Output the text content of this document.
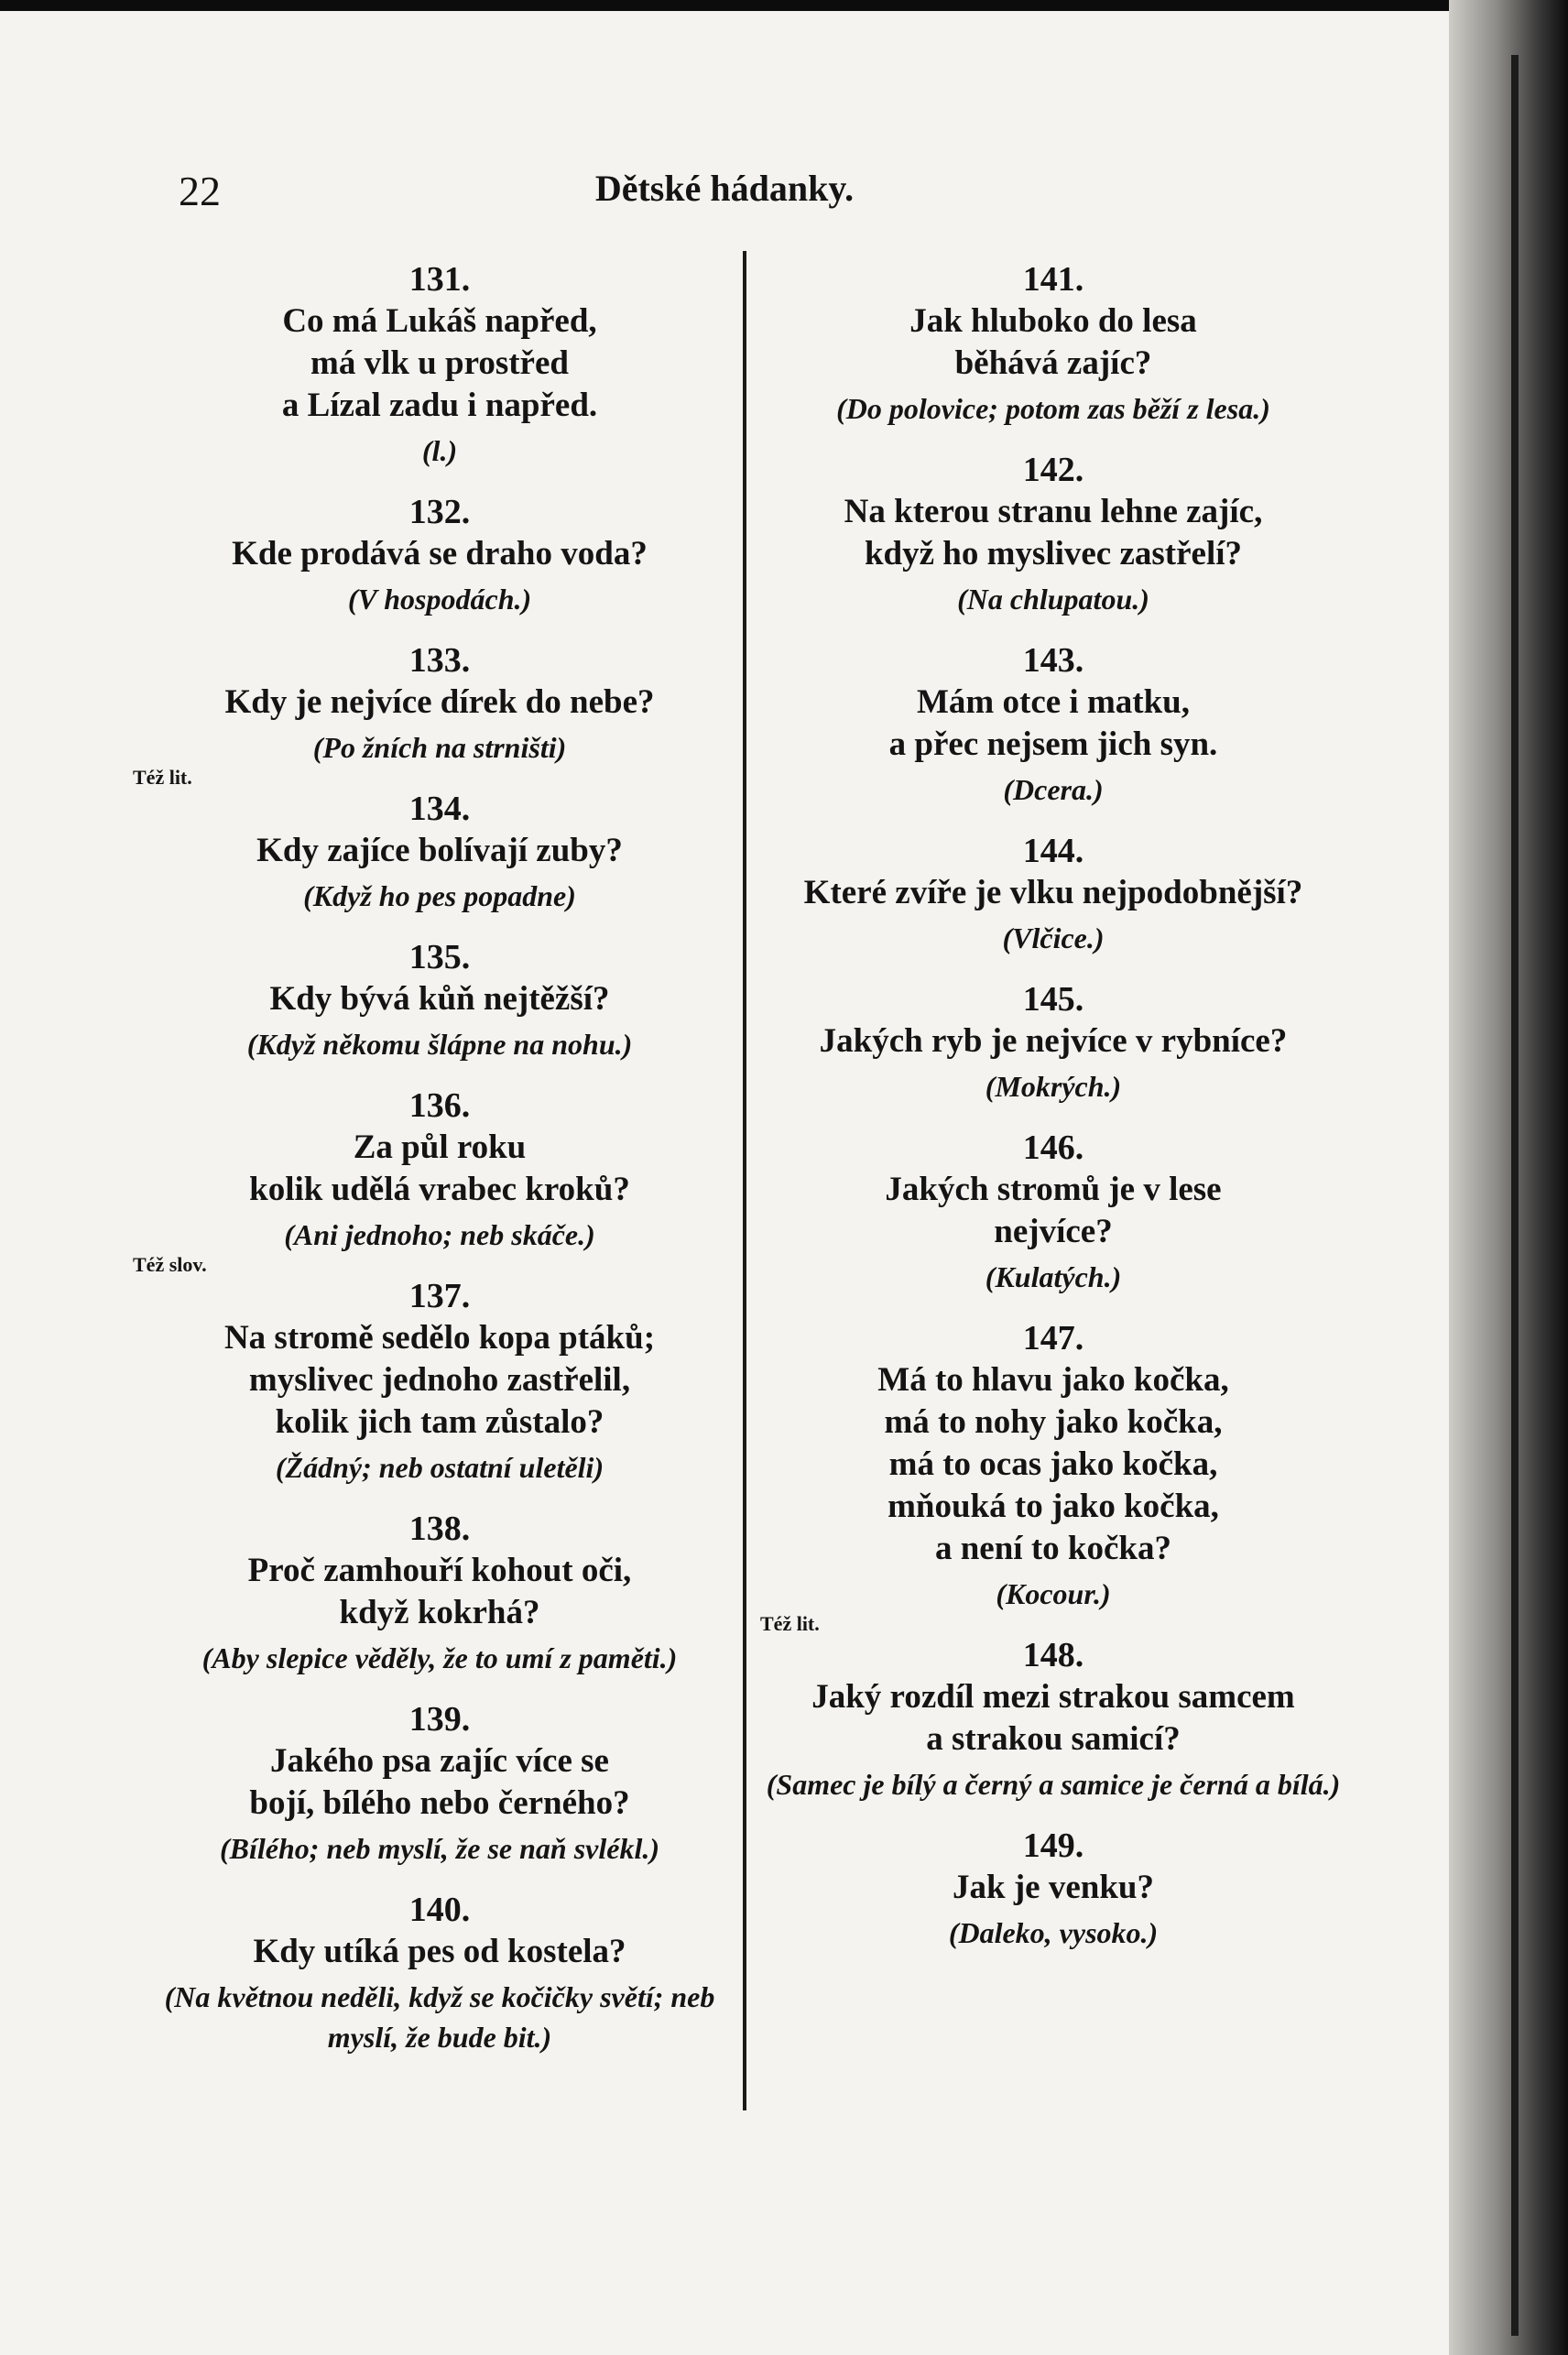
22	Dětské hádanky.
131.
Co má Lukáš napřed,
má vlk u prostřed
a Lízal zadu i napřed.
(l.)
132.
Kde prodává se draho voda?
(V hospodách.)
133.
Kdy je nejvíce dírek do nebe?
(Po žních na strništi)
Též lit.
134.
Kdy zajíce bolívají zuby?
(Když ho pes popadne)
135.
Kdy bývá kůň nejtěžší?
(Když někomu šlápne na nohu.)
136.
Za půl roku
kolik udělá vrabec kroků?
(Ani jednoho; neb skáče.)
Též slov.
137.
Na stromě sedělo kopa ptáků;
myslivec jednoho zastřelil,
kolik jich tam zůstalo?
(Žádný; neb ostatní uletěli)
138.
Proč zamhouří kohout oči,
když kokrhá?
(Aby slepice věděly, že to umí z paměti.)
139.
Jakého psa zajíc více se
bojí, bílého nebo černého?
(Bílého; neb myslí, že se naň svlékl.)
140.
Kdy utíká pes od kostela?
(Na květnou neděli, když se kočičky světí; neb myslí, že bude bit.)
141.
Jak hluboko do lesa
běhává zajíc?
(Do polovice; potom zas běží z lesa.)
142.
Na kterou stranu lehne zajíc,
když ho myslivec zastřelí?
(Na chlupatou.)
143.
Mám otce i matku,
a přec nejsem jich syn.
(Dcera.)
144.
Které zvíře je vlku nejpodobnější?
(Vlčice.)
145.
Jakých ryb je nejvíce v rybníce?
(Mokrých.)
146.
Jakých stromů je v lese
nejvíce?
(Kulatých.)
147.
Má to hlavu jako kočka,
má to nohy jako kočka,
má to ocas jako kočka,
mňouká to jako kočka,
a není to kočka?
(Kocour.)
Též lit.
148.
Jaký rozdíl mezi strakou samcem
a strakou samicí?
(Samec je bílý a černý a samice je černá a bílá.)
149.
Jak je venku?
(Daleko, vysoko.)
